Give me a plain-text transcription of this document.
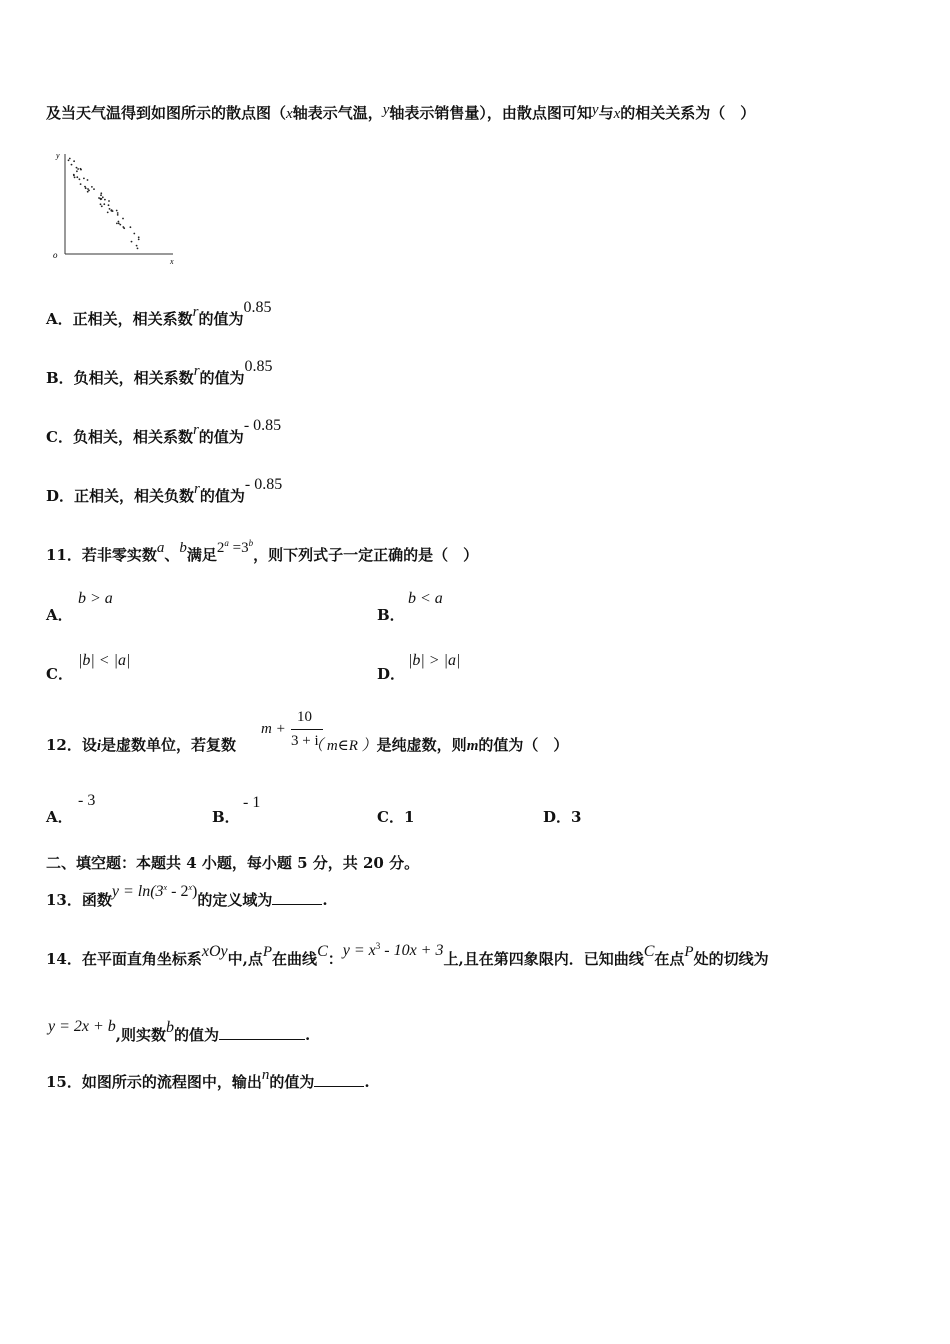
及当天气温得到如图所示的散点图（x轴表示气温，y轴表示销售量），由散点图可知y与x的相关关系为（　）
y
x
o
A．正相关，相关系数r的值为0.85
B．负相关，相关系数r的值为0.85
C．负相关，相关系数r的值为- 0.85
D．正相关，相关负数r的值为- 0.85
11．若非零实数a、b满足$2^a =3^b$，则下列式子一定正确的是（　）
A．
b > a
B．
b < a
C．
|b| < |a|
D．
|b| > |a|
12．设i是虚数单位，若复数	（ m∈R ）是纯虚数，则m的值为（　）
m +
10
3 + i
A．
- 3
B．
- 1
C．1	D．3
二、填空题：本题共 4 小题，每小题 5 分，共 20 分。
13．函数$y = \ln(3^x - 2^x)$的定义域为	.
14．在平面直角坐标系xOy中,点P在曲线C：$y = x^3 - 10x + 3$上,且在第四象限内．已知曲线C在点P处的切线为
y = 2x + b,则实数b的值为	.
15．如图所示的流程图中，输出n的值为	.
